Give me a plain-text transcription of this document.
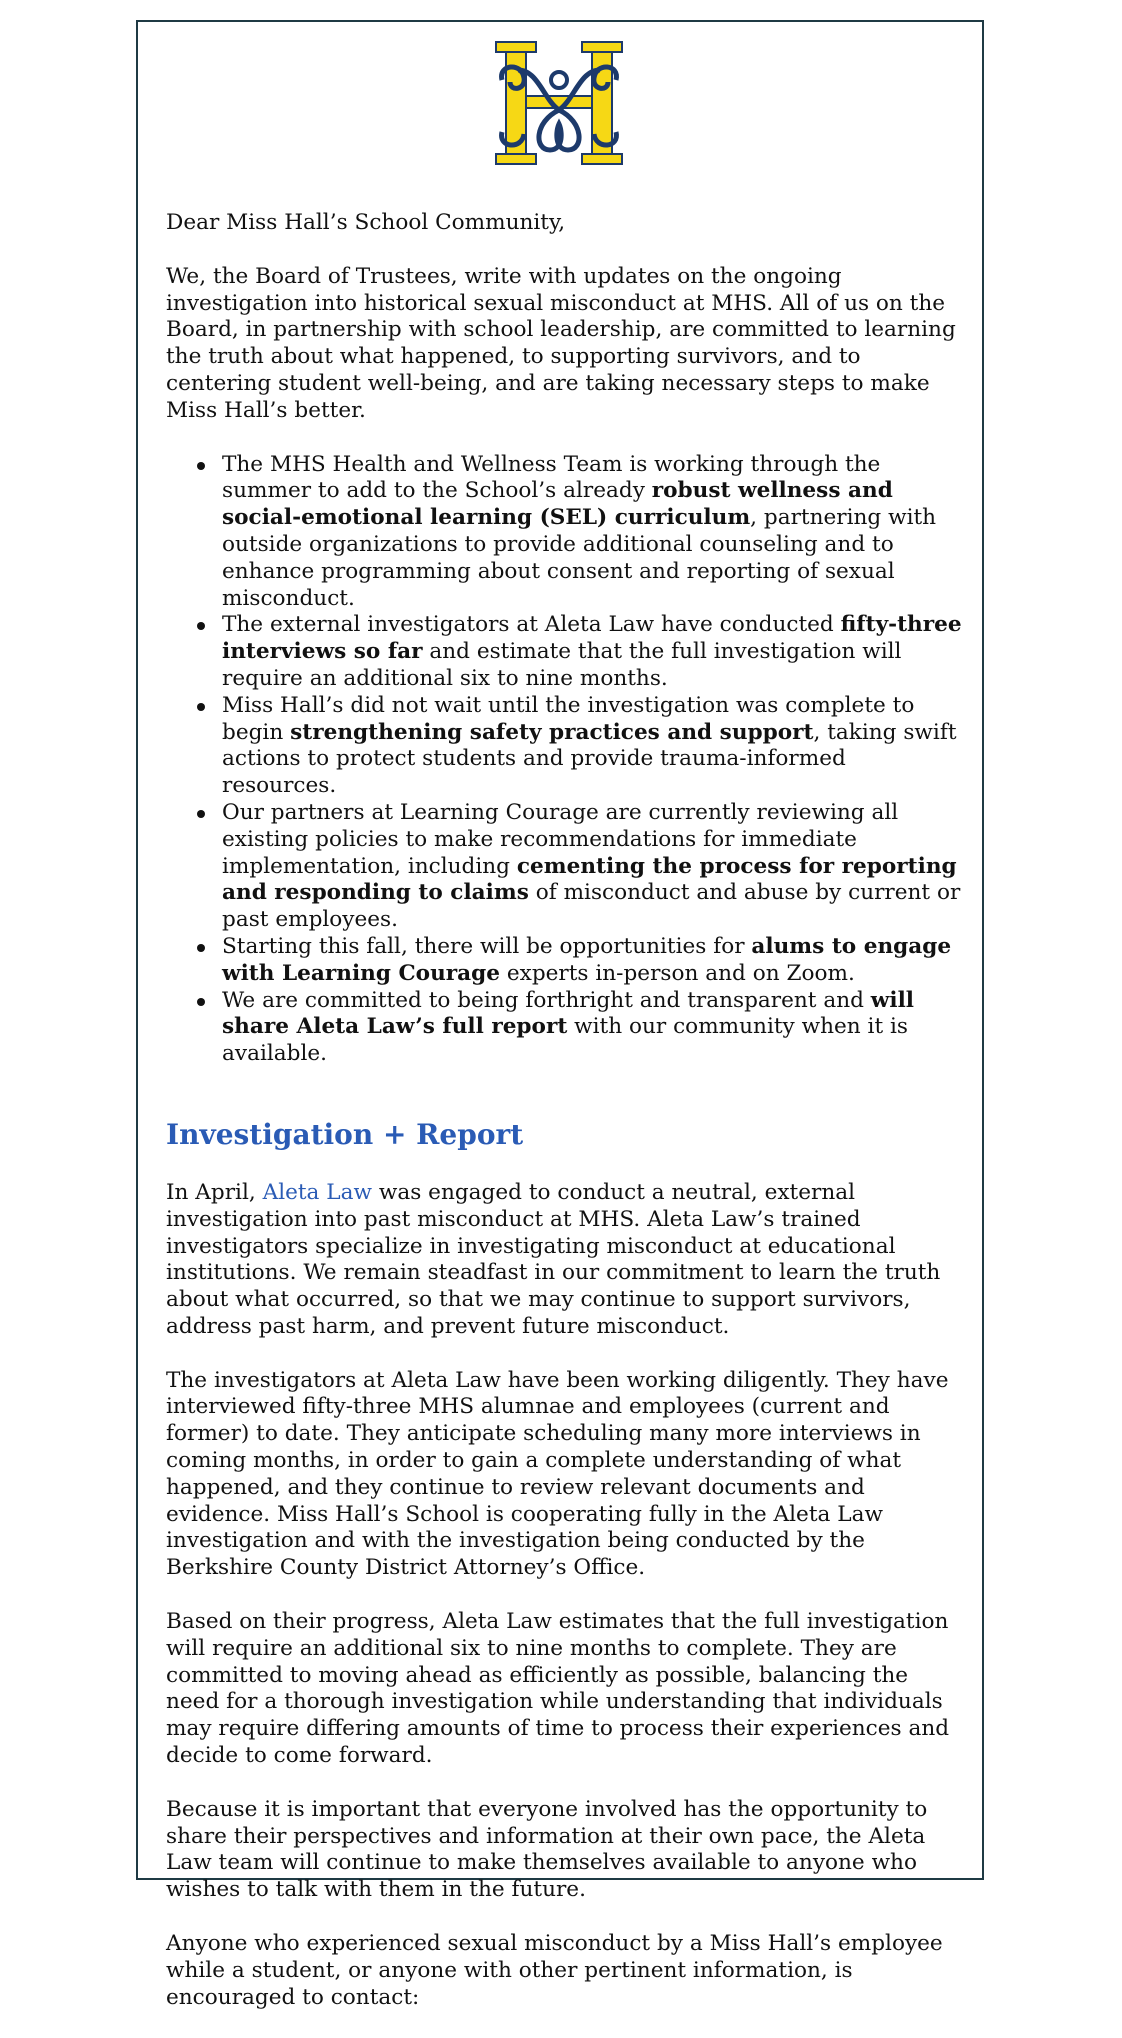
Dear Miss Hall’s School Community,

We, the Board of Trustees, write with updates on the ongoing investigation into historical sexual misconduct at MHS. All of us on the Board, in partnership with school leadership, are committed to learning the truth about what happened, to supporting survivors, and to centering student well-being, and are taking necessary steps to make Miss Hall’s better.

The MHS Health and Wellness Team is working through the summer to add to the School’s already robust wellness and social-emotional learning (SEL) curriculum, partnering with outside organizations to provide additional counseling and to enhance programming about consent and reporting of sexual misconduct.
The external investigators at Aleta Law have conducted fifty-three interviews so far and estimate that the full investigation will require an additional six to nine months.
Miss Hall’s did not wait until the investigation was complete to begin strengthening safety practices and support, taking swift actions to protect students and provide trauma-informed resources.
Our partners at Learning Courage are currently reviewing all existing policies to make recommendations for immediate implementation, including cementing the process for reporting and responding to claims of misconduct and abuse by current or past employees.
Starting this fall, there will be opportunities for alums to engage with Learning Courage experts in-person and on Zoom.
We are committed to being forthright and transparent and will share Aleta Law’s full report with our community when it is available.
Investigation + Report

In April, Aleta Law was engaged to conduct a neutral, external investigation into past misconduct at MHS. Aleta Law’s trained investigators specialize in investigating misconduct at educational institutions. We remain steadfast in our commitment to learn the truth about what occurred, so that we may continue to support survivors, address past harm, and prevent future misconduct.

The investigators at Aleta Law have been working diligently. They have interviewed fifty-three MHS alumnae and employees (current and former) to date. They anticipate scheduling many more interviews in coming months, in order to gain a complete understanding of what happened, and they continue to review relevant documents and evidence. Miss Hall’s School is cooperating fully in the Aleta Law investigation and with the investigation being conducted by the Berkshire County District Attorney’s Office.

Based on their progress, Aleta Law estimates that the full investigation will require an additional six to nine months to complete. They are committed to moving ahead as efficiently as possible, balancing the need for a thorough investigation while understanding that individuals may require differing amounts of time to process their experiences and decide to come forward.

Because it is important that everyone involved has the opportunity to share their perspectives and information at their own pace, the Aleta Law team will continue to make themselves available to anyone who wishes to talk with them in the future.

Anyone who experienced sexual misconduct by a Miss Hall’s employee while a student, or anyone with other pertinent information, is encouraged to contact:
